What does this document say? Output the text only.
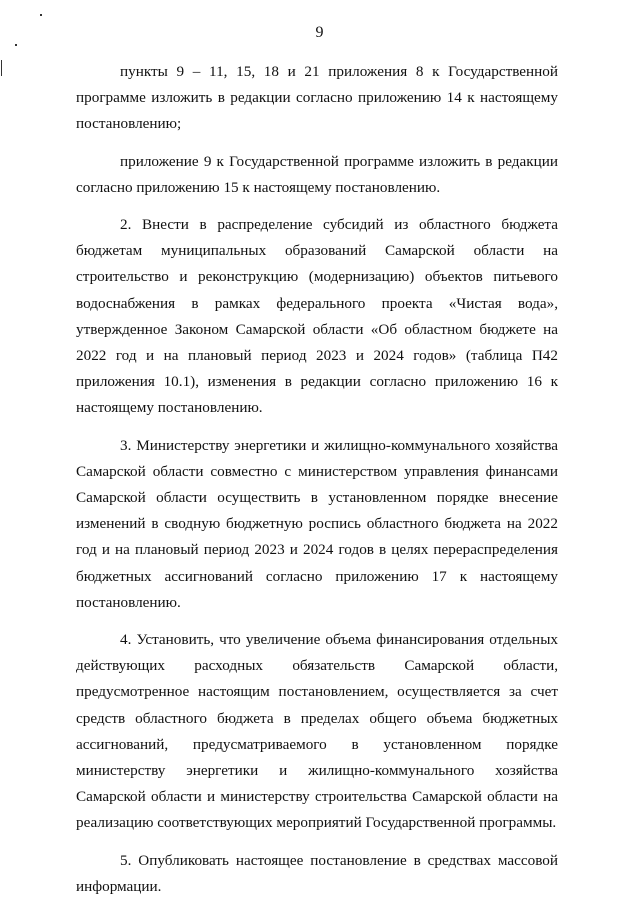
9

пункты 9 – 11, 15, 18 и 21 приложения 8 к Государственной программе изложить в редакции согласно приложению 14 к настоящему постановлению;

приложение 9 к Государственной программе изложить в редакции согласно приложению 15 к настоящему постановлению.

2. Внести в распределение субсидий из областного бюджета бюджетам муниципальных образований Самарской области на строительство и реконструкцию (модернизацию) объектов питьевого водоснабжения в рамках федерального проекта «Чистая вода», утвержденное Законом Самарской области «Об областном бюджете на 2022 год и на плановый период 2023 и 2024 годов» (таблица П42 приложения 10.1), изменения в редакции согласно приложению 16 к настоящему постановлению.

3. Министерству энергетики и жилищно-коммунального хозяйства Самарской области совместно с министерством управления финансами Самарской области осуществить в установленном порядке внесение изменений в сводную бюджетную роспись областного бюджета на 2022 год и на плановый период 2023 и 2024 годов в целях перераспределения бюджетных ассигнований согласно приложению 17 к настоящему постановлению.

4. Установить, что увеличение объема финансирования отдельных действующих расходных обязательств Самарской области, предусмотренное настоящим постановлением, осуществляется за счет средств областного бюджета в пределах общего объема бюджетных ассигнований, предусматриваемого в установленном порядке министерству энергетики и жилищно-коммунального хозяйства Самарской области и министерству строительства Самарской области на реализацию соответствующих мероприятий Государственной программы.

5. Опубликовать настоящее постановление в средствах массовой информации.
